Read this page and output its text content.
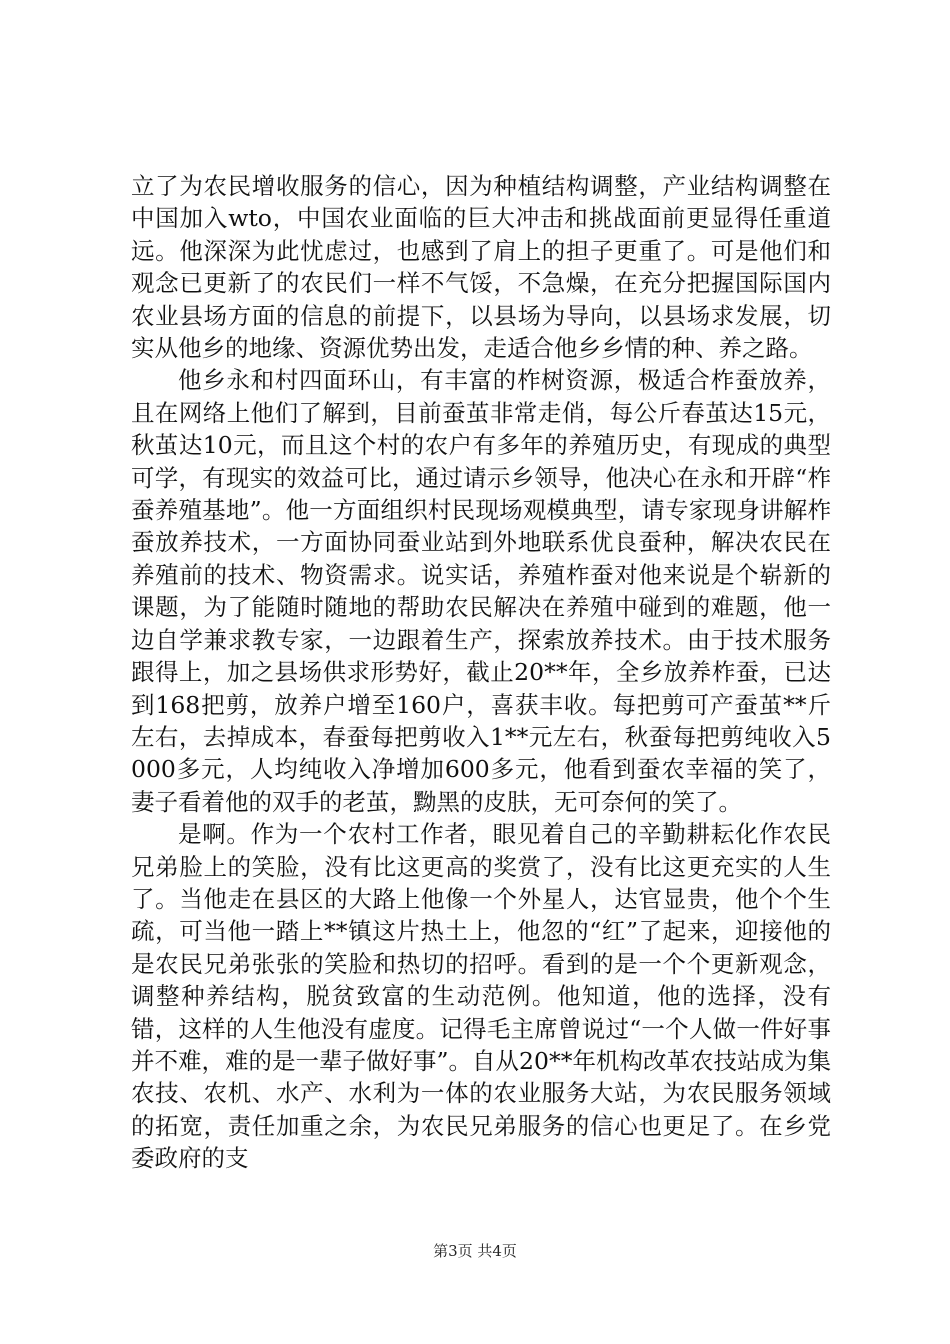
立了为农民增收服务的信心，因为种植结构调整，产业结构调整在中国加入wto，中国农业面临的巨大冲击和挑战面前更显得任重道远。他深深为此忧虑过，也感到了肩上的担子更重了。可是他们和观念已更新了的农民们一样不气馁，不急燥，在充分把握国际国内农业县场方面的信息的前提下，以县场为导向，以县场求发展，切实从他乡的地缘、资源优势出发，走适合他乡乡情的种、养之路。

他乡永和村四面环山，有丰富的柞树资源，极适合柞蚕放养，且在网络上他们了解到，目前蚕茧非常走俏，每公斤春茧达15元，秋茧达10元，而且这个村的农户有多年的养殖历史，有现成的典型可学，有现实的效益可比，通过请示乡领导，他决心在永和开辟“柞蚕养殖基地”。他一方面组织村民现场观模典型，请专家现身讲解柞蚕放养技术，一方面协同蚕业站到外地联系优良蚕种，解决农民在养殖前的技术、物资需求。说实话，养殖柞蚕对他来说是个崭新的课题，为了能随时随地的帮助农民解决在养殖中碰到的难题，他一边自学兼求教专家，一边跟着生产，探索放养技术。由于技术服务跟得上，加之县场供求形势好，截止20**年，全乡放养柞蚕，已达到168把剪，放养户增至160户，喜获丰收。每把剪可产蚕茧**斤左右，去掉成本，春蚕每把剪收入1**元左右，秋蚕每把剪纯收入5000多元，人均纯收入净增加600多元，他看到蚕农幸福的笑了，妻子看着他的双手的老茧，黝黑的皮肤，无可奈何的笑了。

是啊。作为一个农村工作者，眼见着自己的辛勤耕耘化作农民兄弟脸上的笑脸，没有比这更高的奖赏了，没有比这更充实的人生了。当他走在县区的大路上他像一个外星人，达官显贵，他个个生疏，可当他一踏上**镇这片热土上，他忽的“红”了起来，迎接他的是农民兄弟张张的笑脸和热切的招呼。看到的是一个个更新观念，调整种养结构，脱贫致富的生动范例。他知道，他的选择，没有错，这样的人生他没有虚度。记得毛主席曾说过“一个人做一件好事并不难，难的是一辈子做好事”。自从20**年机构改革农技站成为集农技、农机、水产、水利为一体的农业服务大站，为农民服务领域的拓宽，责任加重之余，为农民兄弟服务的信心也更足了。在乡党委政府的支

第3页 共4页
